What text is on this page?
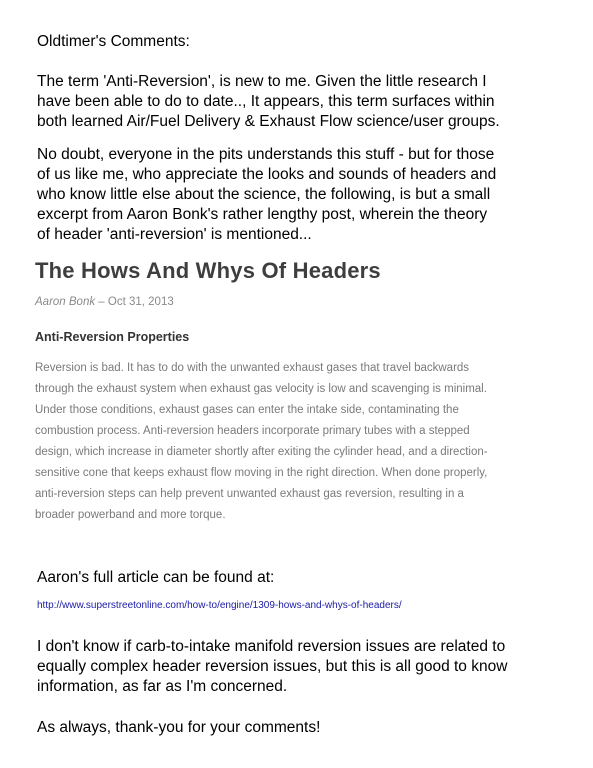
Oldtimer's Comments:

The term 'Anti-Reversion', is new to me. Given the little research I

have been able to do to date.., It appears, this term surfaces within

both learned Air/Fuel Delivery & Exhaust Flow science/user groups.

No doubt, everyone in the pits understands this stuff - but for those

of us like me, who appreciate the looks and sounds of headers and

who know little else about the science, the following, is but a small

excerpt from Aaron Bonk's rather lengthy post, wherein the theory

of header 'anti-reversion' is mentioned...

The Hows And Whys Of Headers
Aaron Bonk – Oct 31, 2013
Anti-Reversion Properties
Reversion is bad. It has to do with the unwanted exhaust gases that travel backwards
through the exhaust system when exhaust gas velocity is low and scavenging is minimal.
Under those conditions, exhaust gases can enter the intake side, contaminating the
combustion process. Anti-reversion headers incorporate primary tubes with a stepped
design, which increase in diameter shortly after exiting the cylinder head, and a direction-
sensitive cone that keeps exhaust flow moving in the right direction. When done properly,
anti-reversion steps can help prevent unwanted exhaust gas reversion, resulting in a
broader powerband and more torque.

Aaron's full article can be found at:

http://www.superstreetonline.com/how-to/engine/1309-hows-and-whys-of-headers/

I don't know if carb-to-intake manifold reversion issues are related to

equally complex header reversion issues, but this is all good to know

information, as far as I'm concerned.

As always, thank-you for your comments!
